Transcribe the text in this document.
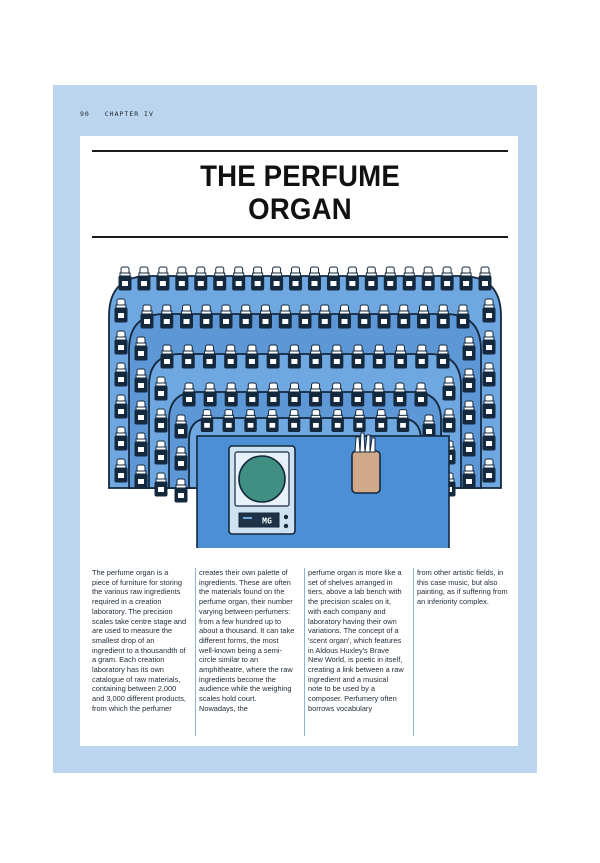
90 CHAPTER IV
THE PERFUME
ORGAN
MG

The perfume organ is a piece of furniture for storing the various raw ingredients required in a creation laboratory. The precision scales take centre stage and are used to measure the smallest drop of an ingredient to a thousandth of a gram. Each creation laboratory has its own catalogue of raw materials, containing between 2,000 and 3,000 different products, from which the perfumer

creates their own palette of ingredients. These are often the materials found on the perfume organ, their number varying between perfumers: from a few hundred up to about a thousand. It can take different forms, the most well-known being a semi-circle similar to an amphitheatre, where the raw ingredients become the audience while the weighing scales hold court. Nowadays, the

perfume organ is more like a set of shelves arranged in tiers, above a lab bench with the precision scales on it, with each company and laboratory having their own variations. The concept of a 'scent organ', which features in Aldous Huxley's Brave New World, is poetic in itself, creating a link between a raw ingredient and a musical note to be used by a composer. Perfumery often borrows vocabulary

from other artistic fields, in this case music, but also painting, as if suffering from an inferiority complex.
